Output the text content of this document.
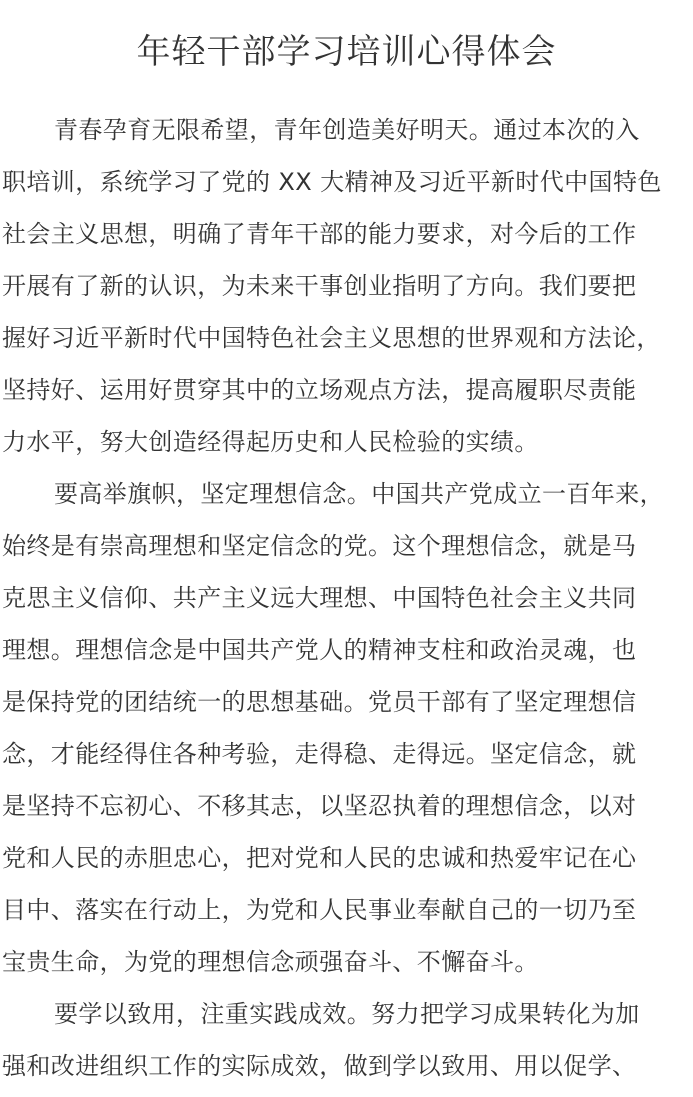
年轻干部学习培训心得体会
青春孕育无限希望，青年创造美好明天。通过本次的入
职培训，系统学习了党的 XX 大精神及习近平新时代中国特色
社会主义思想，明确了青年干部的能力要求，对今后的工作
开展有了新的认识，为未来干事创业指明了方向。我们要把
握好习近平新时代中国特色社会主义思想的世界观和方法论，
坚持好、运用好贯穿其中的立场观点方法，提高履职尽责能
力水平，努大创造经得起历史和人民检验的实绩。
要高举旗帜，坚定理想信念。中国共产党成立一百年来，
始终是有崇高理想和坚定信念的党。这个理想信念，就是马
克思主义信仰、共产主义远大理想、中国特色社会主义共同
理想。理想信念是中国共产党人的精神支柱和政治灵魂，也
是保持党的团结统一的思想基础。党员干部有了坚定理想信
念，才能经得住各种考验，走得稳、走得远。坚定信念，就
是坚持不忘初心、不移其志，以坚忍执着的理想信念，以对
党和人民的赤胆忠心，把对党和人民的忠诚和热爱牢记在心
目中、落实在行动上，为党和人民事业奉献自己的一切乃至
宝贵生命，为党的理想信念顽强奋斗、不懈奋斗。
要学以致用，注重实践成效。努力把学习成果转化为加
强和改进组织工作的实际成效，做到学以致用、用以促学、
